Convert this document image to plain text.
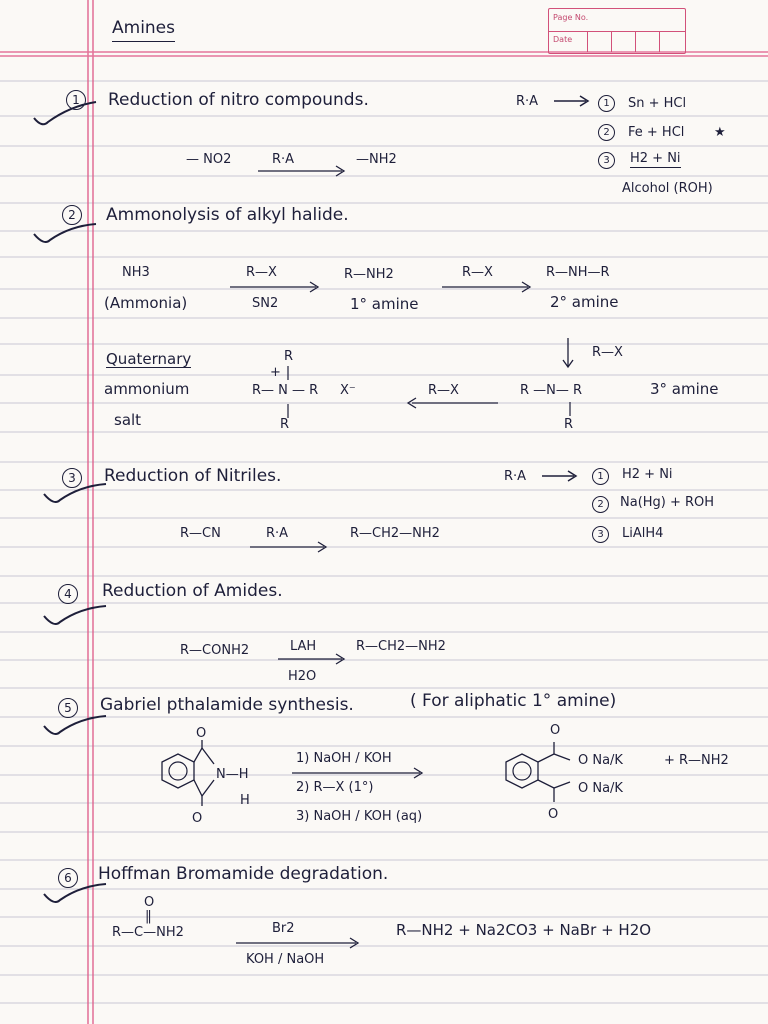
Page No.
Date
Amines
1	Reduction of nitro compounds.	R·A	1	Sn + HCl
2	Fe + HCl ★
3	H2 + Ni
Alcohol (ROH)
— NO2	R·A	—NH2
2	Ammonolysis of alkyl halide.
NH3
(Ammonia)
R—X
SN2
R—NH2
1° amine
R—X	R—NH—R
2° amine
R—X
Quaternary
ammonium
salt
R
+
R— N — R X⁻
R
R—X	R —N— R
R
3° amine
3	Reduction of Nitriles.	R·A	1	H2 + Ni
2	Na(Hg) + ROH
3	LiAlH4
R—CN	R·A	R—CH2—NH2
4	Reduction of Amides.
R—CONH2	LAH
H2O
R—CH2—NH2
5	Gabriel pthalamide synthesis.	( For aliphatic 1° amine)
O
O
N—H
H
1) NaOH / KOH
2) R—X (1°)
3) NaOH / KOH (aq)
O
O
O Na/K
O Na/K
+ R—NH2
6	Hoffman Bromamide degradation.
O
||
R—C—NH2	Br2
KOH / NaOH
R—NH2 + Na2CO3 + NaBr + H2O
